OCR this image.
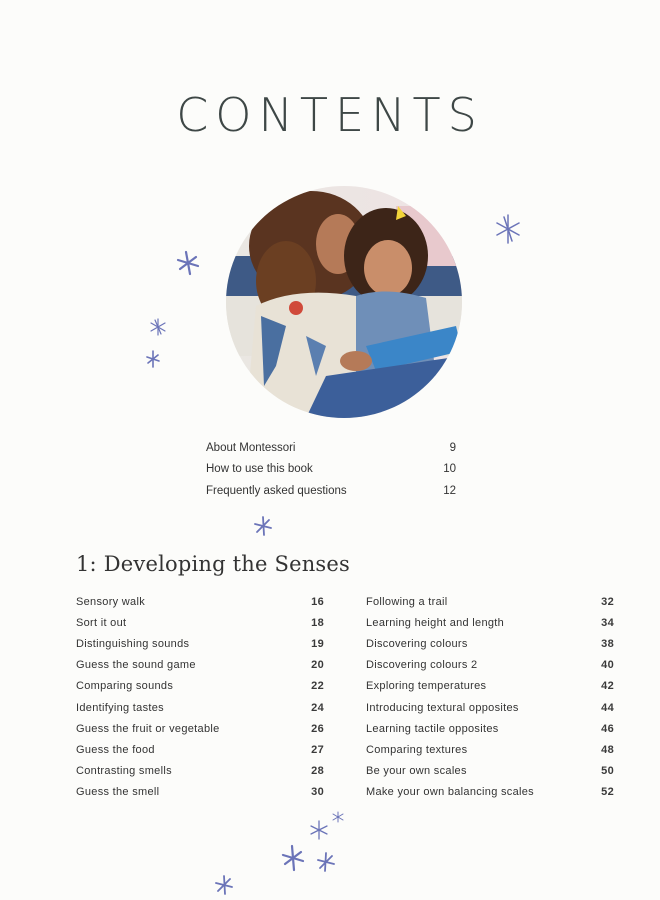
CONTENTS
About Montessori	9
How to use this book	10
Frequently asked questions	12
1: Developing the Senses
Sensory walk	16
Sort it out	18
Distinguishing sounds	19
Guess the sound game	20
Comparing sounds	22
Identifying tastes	24
Guess the fruit or vegetable	26
Guess the food	27
Contrasting smells	28
Guess the smell	30
Following a trail	32
Learning height and length	34
Discovering colours	38
Discovering colours 2	40
Exploring temperatures	42
Introducing textural opposites	44
Learning tactile opposites	46
Comparing textures	48
Be your own scales	50
Make your own balancing scales	52
